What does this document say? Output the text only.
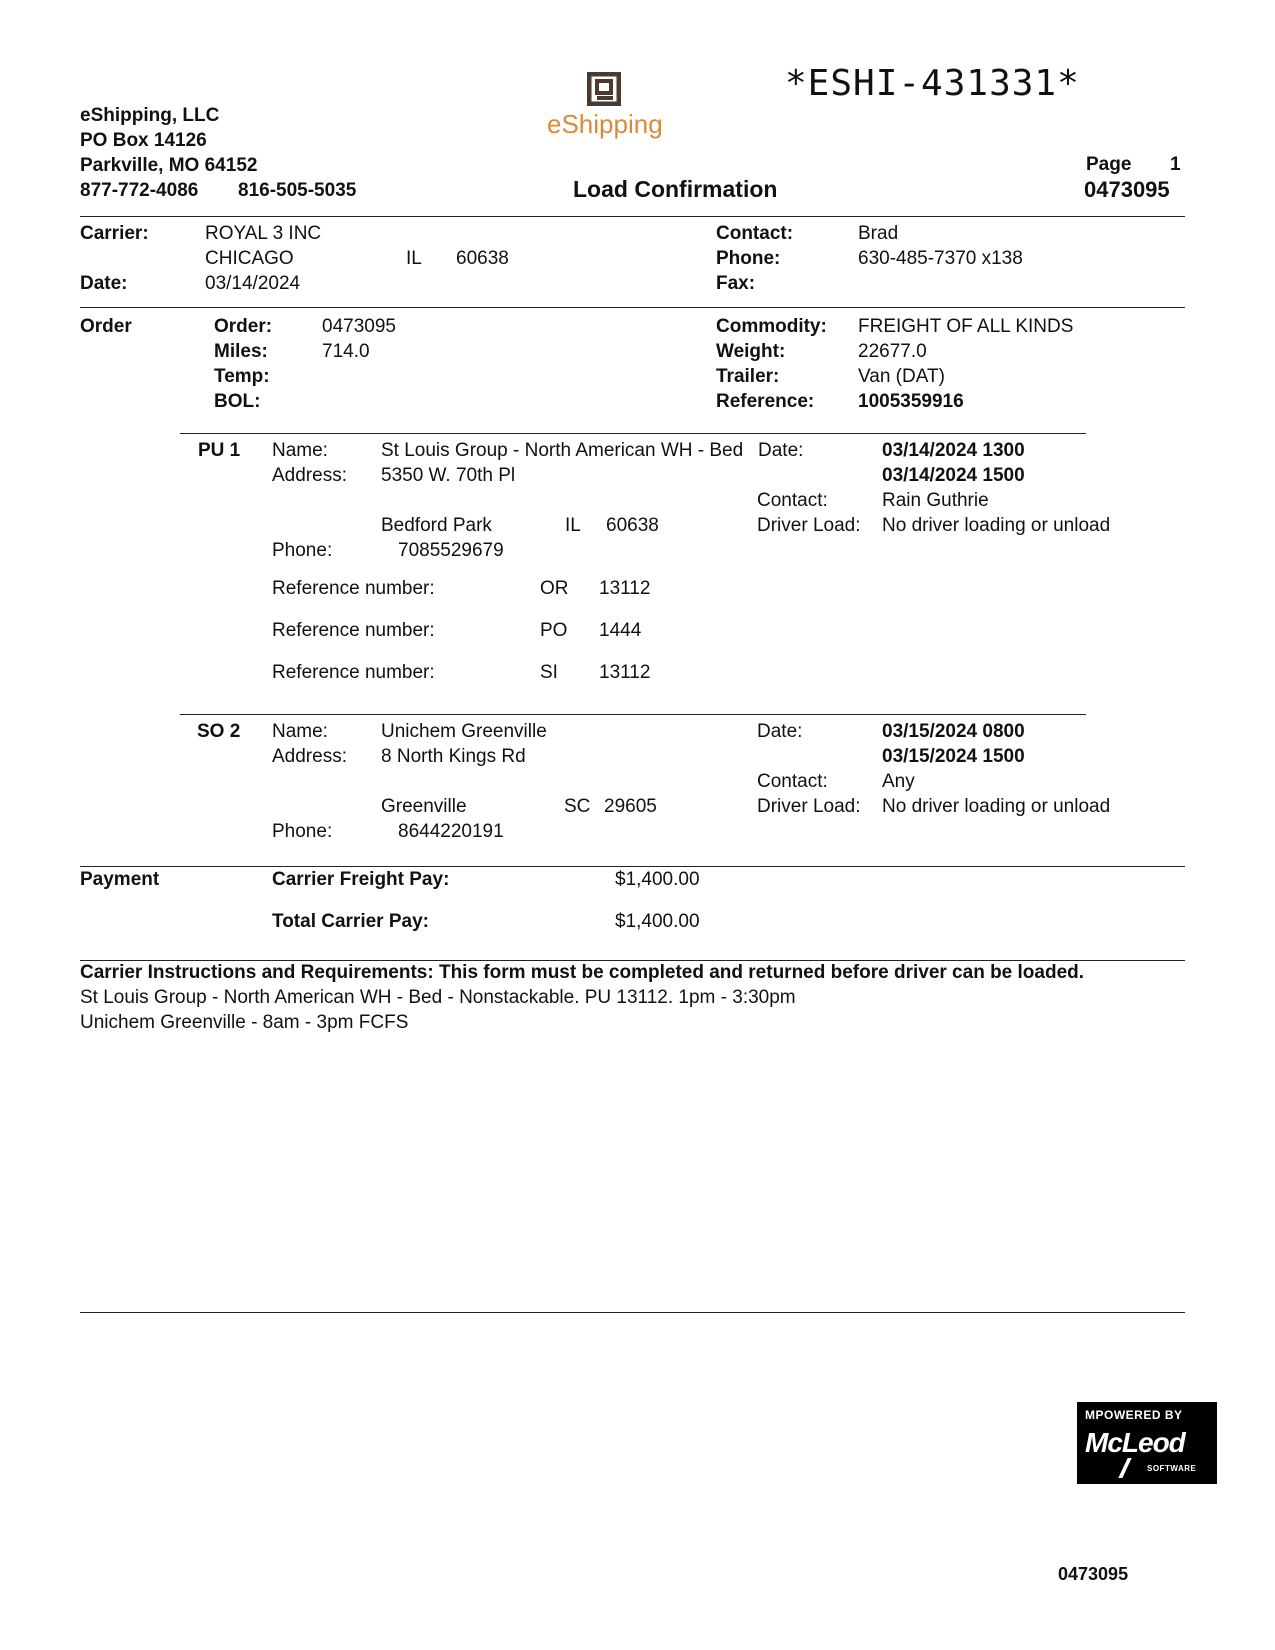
eShipping, LLC
PO Box 14126
Parkville, MO 64152
877-772-4086 816-505-5035
eShipping
*ESHI-431331*
Load Confirmation
Page 1
0473095
Carrier:	ROYAL 3 INC
CHICAGO	IL 60638
Date:	03/14/2024
Contact:	Brad
Phone:	630-485-7370 x138
Fax:
Order	Order:	0473095
Miles:	714.0
Temp:
BOL:
Commodity: FREIGHT OF ALL KINDS
Weight:	22677.0
Trailer:	Van (DAT)
Reference: 1005359916
PU 1 Name:	St Louis Group - North American WH - Bed
Address: 5350 W. 70th Pl
Bedford Park	IL 60638
Phone:	7085529679
Date:	03/14/2024 1300
03/14/2024 1500
Contact:	Rain Guthrie
Driver Load: No driver loading or unload
Reference number:	OR 13112
Reference number:	PO 1444
Reference number:	SI 13112
SO 2 Name:	Unichem Greenville
Address: 8 North Kings Rd
Greenville	SC 29605
Phone:	8644220191
Date:	03/15/2024 0800
03/15/2024 1500
Contact:	Any
Driver Load: No driver loading or unload
Payment	Carrier Freight Pay:	$1,400.00
Total Carrier Pay:	$1,400.00
Carrier Instructions and Requirements: This form must be completed and returned before driver can be loaded.
St Louis Group - North American WH - Bed - Nonstackable. PU 13112. 1pm - 3:30pm
Unichem Greenville - 8am - 3pm FCFS
MPOWERED BY
McLeod
SOFTWARE
0473095
